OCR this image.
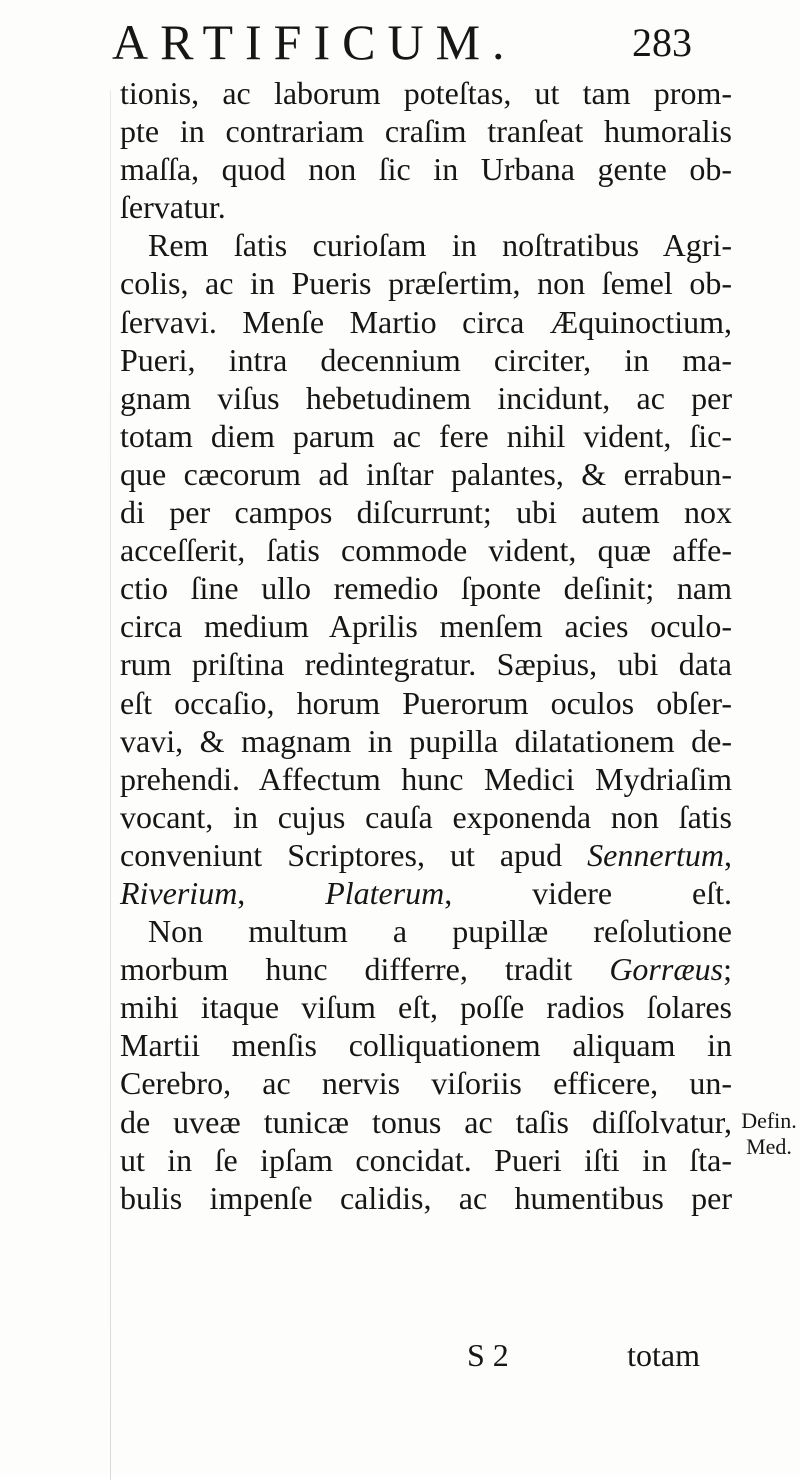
ARTIFICUM.	283
tionis, ac laborum poteſtas, ut tam prom-
pte in contrariam craſim tranſeat humoralis
maſſa, quod non ſic in Urbana gente ob-
ſervatur.
Rem ſatis curioſam in noſtratibus Agri-
colis, ac in Pueris præſertim, non ſemel ob-
ſervavi. Menſe Martio circa Æquinoctium,
Pueri, intra decennium circiter, in ma-
gnam viſus hebetudinem incidunt, ac per
totam diem parum ac fere nihil vident, ſic-
que cæcorum ad inſtar palantes, & errabun-
di per campos diſcurrunt; ubi autem nox
acceſſerit, ſatis commode vident, quæ affe-
ctio ſine ullo remedio ſponte deſinit; nam
circa medium Aprilis menſem acies oculo-
rum priſtina redintegratur. Sæpius, ubi data
eſt occaſio, horum Puerorum oculos obſer-
vavi, & magnam in pupilla dilatationem de-
prehendi. Affectum hunc Medici Mydriaſim
vocant, in cujus cauſa exponenda non ſatis
conveniunt Scriptores, ut apud Sennertum,
Riverium, Platerum, videre eſt.
Non multum a pupillæ reſolutione
morbum hunc differre, tradit Gorræus;
mihi itaque viſum eſt, poſſe radios ſolares
Martii menſis colliquationem aliquam in
Cerebro, ac nervis viſoriis efficere, un-
de uveæ tunicæ tonus ac taſis diſſolvatur,
ut in ſe ipſam concidat. Pueri iſti in ſta-
bulis impenſe calidis, ac humentibus per
Defin.
Med.
S 2	totam
